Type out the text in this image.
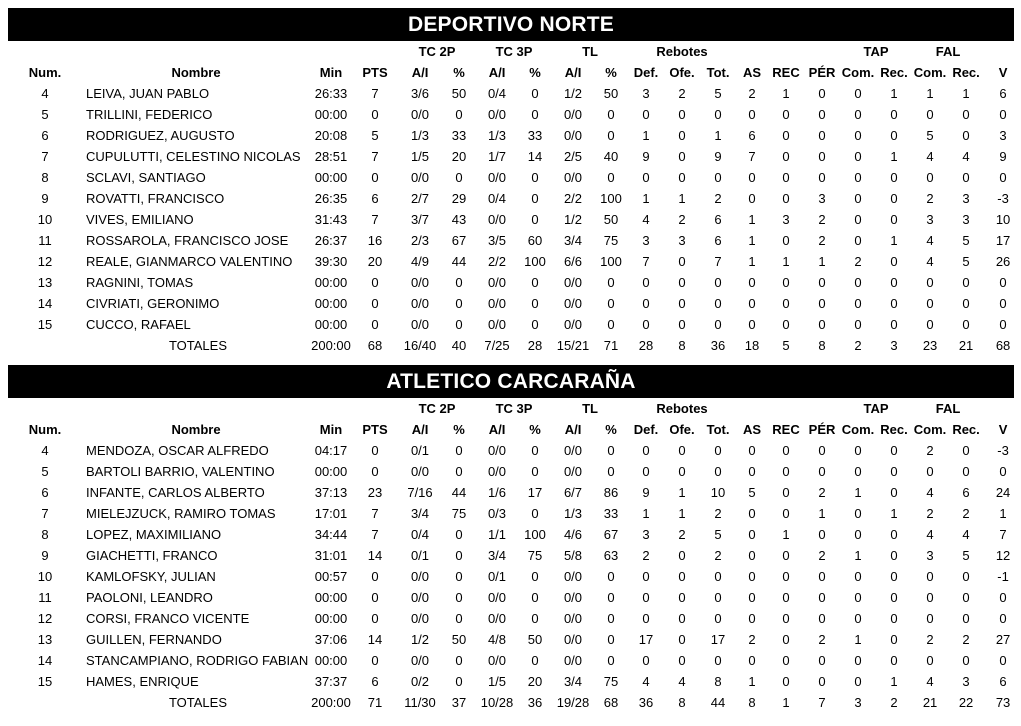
DEPORTIVO NORTE
				TC 2P		TC 3P		TL		Rebotes						TAP		FAL		
Num.	Nombre	Min	PTS	A/I	%	A/I	%	A/I	%	Def.	Ofe.	Tot.	AS	REC	PÉR	Com.	Rec.	Com.	Rec.	V
4	LEIVA, JUAN PABLO	26:33	7	3/6	50	0/4	0	1/2	50	3	2	5	2	1	0	0	1	1	1	6
5	TRILLINI, FEDERICO	00:00	0	0/0	0	0/0	0	0/0	0	0	0	0	0	0	0	0	0	0	0	0
6	RODRIGUEZ, AUGUSTO	20:08	5	1/3	33	1/3	33	0/0	0	1	0	1	6	0	0	0	0	5	0	3
7	CUPULUTTI, CELESTINO NICOLAS	28:51	7	1/5	20	1/7	14	2/5	40	9	0	9	7	0	0	0	1	4	4	9
8	SCLAVI, SANTIAGO	00:00	0	0/0	0	0/0	0	0/0	0	0	0	0	0	0	0	0	0	0	0	0
9	ROVATTI, FRANCISCO	26:35	6	2/7	29	0/4	0	2/2	100	1	1	2	0	0	3	0	0	2	3	-3
10	VIVES, EMILIANO	31:43	7	3/7	43	0/0	0	1/2	50	4	2	6	1	3	2	0	0	3	3	10
11	ROSSAROLA, FRANCISCO JOSE	26:37	16	2/3	67	3/5	60	3/4	75	3	3	6	1	0	2	0	1	4	5	17
12	REALE, GIANMARCO VALENTINO	39:30	20	4/9	44	2/2	100	6/6	100	7	0	7	1	1	1	2	0	4	5	26
13	RAGNINI, TOMAS	00:00	0	0/0	0	0/0	0	0/0	0	0	0	0	0	0	0	0	0	0	0	0
14	CIVRIATI, GERONIMO	00:00	0	0/0	0	0/0	0	0/0	0	0	0	0	0	0	0	0	0	0	0	0
15	CUCCO, RAFAEL	00:00	0	0/0	0	0/0	0	0/0	0	0	0	0	0	0	0	0	0	0	0	0
	TOTALES	200:00	68	16/40	40	7/25	28	15/21	71	28	8	36	18	5	8	2	3	23	21	68
ATLETICO CARCARAÑA
				TC 2P		TC 3P		TL		Rebotes						TAP		FAL		
Num.	Nombre	Min	PTS	A/I	%	A/I	%	A/I	%	Def.	Ofe.	Tot.	AS	REC	PÉR	Com.	Rec.	Com.	Rec.	V
4	MENDOZA, OSCAR ALFREDO	04:17	0	0/1	0	0/0	0	0/0	0	0	0	0	0	0	0	0	0	2	0	-3
5	BARTOLI BARRIO, VALENTINO	00:00	0	0/0	0	0/0	0	0/0	0	0	0	0	0	0	0	0	0	0	0	0
6	INFANTE, CARLOS ALBERTO	37:13	23	7/16	44	1/6	17	6/7	86	9	1	10	5	0	2	1	0	4	6	24
7	MIELEJZUCK, RAMIRO TOMAS	17:01	7	3/4	75	0/3	0	1/3	33	1	1	2	0	0	1	0	1	2	2	1
8	LOPEZ, MAXIMILIANO	34:44	7	0/4	0	1/1	100	4/6	67	3	2	5	0	1	0	0	0	4	4	7
9	GIACHETTI, FRANCO	31:01	14	0/1	0	3/4	75	5/8	63	2	0	2	0	0	2	1	0	3	5	12
10	KAMLOFSKY, JULIAN	00:57	0	0/0	0	0/1	0	0/0	0	0	0	0	0	0	0	0	0	0	0	-1
11	PAOLONI, LEANDRO	00:00	0	0/0	0	0/0	0	0/0	0	0	0	0	0	0	0	0	0	0	0	0
12	CORSI, FRANCO VICENTE	00:00	0	0/0	0	0/0	0	0/0	0	0	0	0	0	0	0	0	0	0	0	0
13	GUILLEN, FERNANDO	37:06	14	1/2	50	4/8	50	0/0	0	17	0	17	2	0	2	1	0	2	2	27
14	STANCAMPIANO, RODRIGO FABIAN	00:00	0	0/0	0	0/0	0	0/0	0	0	0	0	0	0	0	0	0	0	0	0
15	HAMES, ENRIQUE	37:37	6	0/2	0	1/5	20	3/4	75	4	4	8	1	0	0	0	1	4	3	6
	TOTALES	200:00	71	11/30	37	10/28	36	19/28	68	36	8	44	8	1	7	3	2	21	22	73
